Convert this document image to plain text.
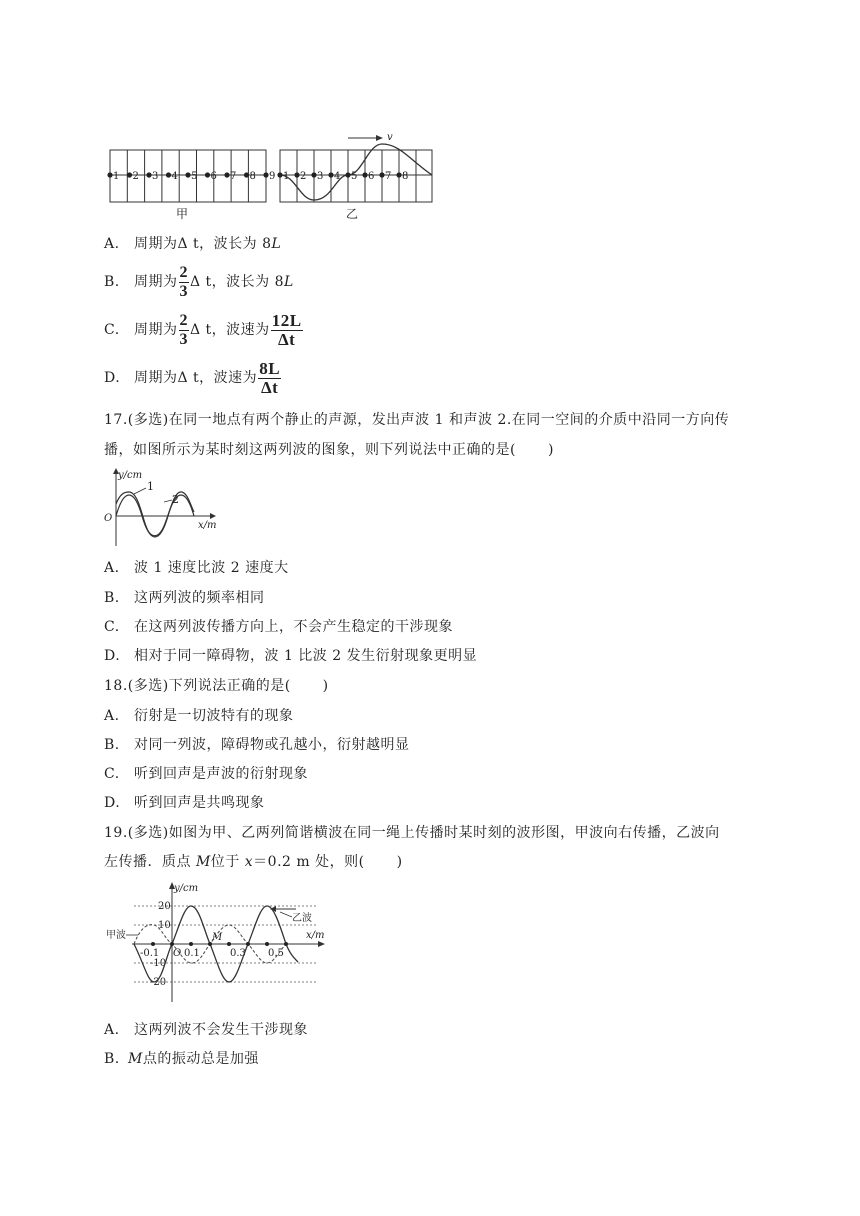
1 2 3 4 5 6 7 8 9 1 2 3 4 5 6 7 8
v
甲	乙
A. 周期为Δ t，波长为 8L
B. 周期为 $\frac{2}{3}$ Δ t，波长为 8L
C. 周期为 $\frac{2}{3}$ Δ t，波速为 $\frac{12L}{\Delta t}$
D. 周期为Δ t，波速为 $\frac{8L}{\Delta t}$
17.(多选)在同一地点有两个静止的声源，发出声波 1 和声波 2.在同一空间的介质中沿同一方向传
播，如图所示为某时刻这两列波的图象，则下列说法中正确的是( )
y/cm
x/m
O
1
2
A. 波 1 速度比波 2 速度大
B. 这两列波的频率相同
C. 在这两列波传播方向上，不会产生稳定的干涉现象
D. 相对于同一障碍物，波 1 比波 2 发生衍射现象更明显
18.(多选)下列说法正确的是( )
A. 衍射是一切波特有的现象
B. 对同一列波，障碍物或孔越小，衍射越明显
C. 听到回声是声波的衍射现象
D. 听到回声是共鸣现象
19.(多选)如图为甲、乙两列简谐横波在同一绳上传播时某时刻的波形图，甲波向右传播，乙波向
左传播．质点 M位于 x＝0.2 m 处，则( )
y/cm
x/m
20
10
-10
-20
-0.1 O 0.1	0.3 0.5
M
甲波
乙波
A. 这两列波不会发生干涉现象
B. M点的振动总是加强
